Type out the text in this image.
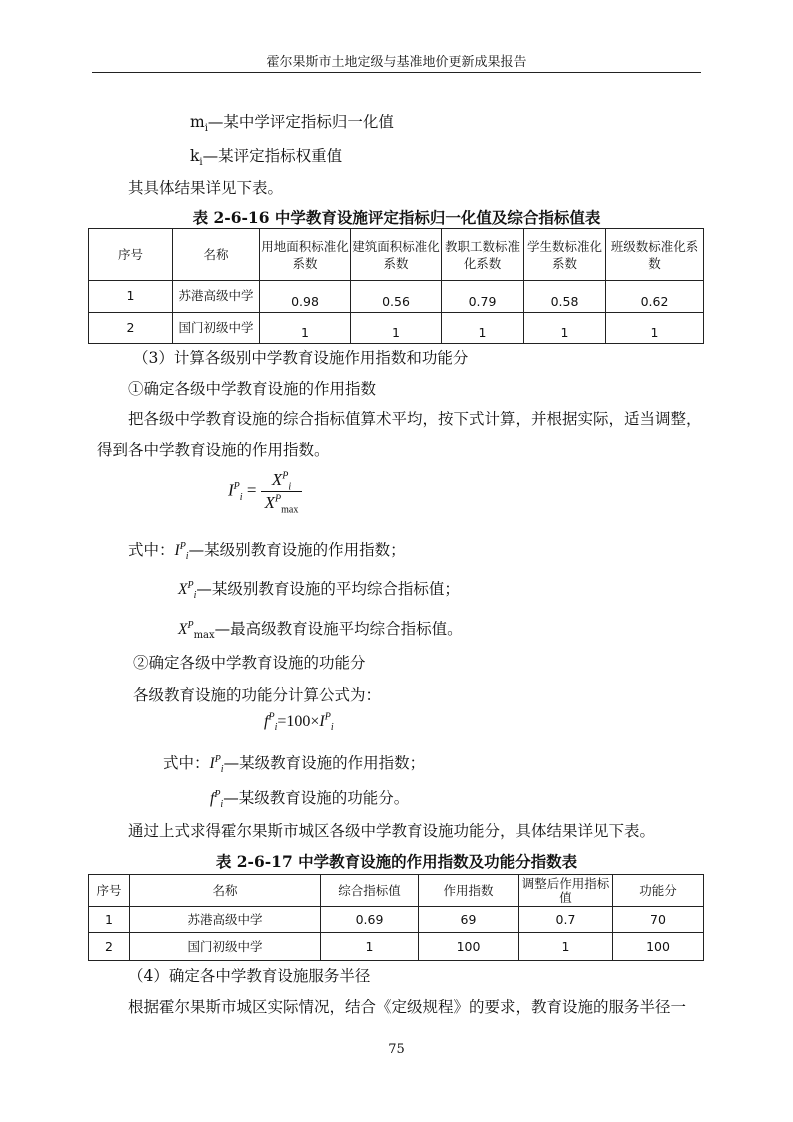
霍尔果斯市土地定级与基准地价更新成果报告
$m_i—$某中学评定指标归一化值
$k_i—$某评定指标权重值
其具体结果详见下表。
表 2-6-16 中学教育设施评定指标归一化值及综合指标值表
序号	名称	用地面积标准化系数	建筑面积标准化系数	教职工数标准化系数	学生数标准化系数	班级数标准化系数
1	苏港高级中学	0.98	0.56	0.79	0.58	0.62
2	国门初级中学	1	1	1	1	1
（3）计算各级别中学教育设施作用指数和功能分
①确定各级中学教育设施的作用指数
把各级中学教育设施的综合指标值算术平均，按下式计算，并根据实际，适当调整，
得到各中学教育设施的作用指数。
$I^P_i = \frac{X^P_i}{X^P_{max}}$
式中：$I^P_i—$某级别教育设施的作用指数；
$X^P_i—$某级别教育设施的平均综合指标值；
$X^P_{max}—$最高级教育设施平均综合指标值。
②确定各级中学教育设施的功能分
各级教育设施的功能分计算公式为：
$f^P_i=100\times I^P_i$
式中：$I^P_i—$某级教育设施的作用指数；
$f^P_i—$某级教育设施的功能分。
通过上式求得霍尔果斯市城区各级中学教育设施功能分，具体结果详见下表。
表 2-6-17 中学教育设施的作用指数及功能分指数表
序号	名称	综合指标值	作用指数	调整后作用指标值	功能分
1	苏港高级中学	0.69	69	0.7	70
2	国门初级中学	1	100	1	100
（4）确定各中学教育设施服务半径
根据霍尔果斯市城区实际情况，结合《定级规程》的要求，教育设施的服务半径一
75
